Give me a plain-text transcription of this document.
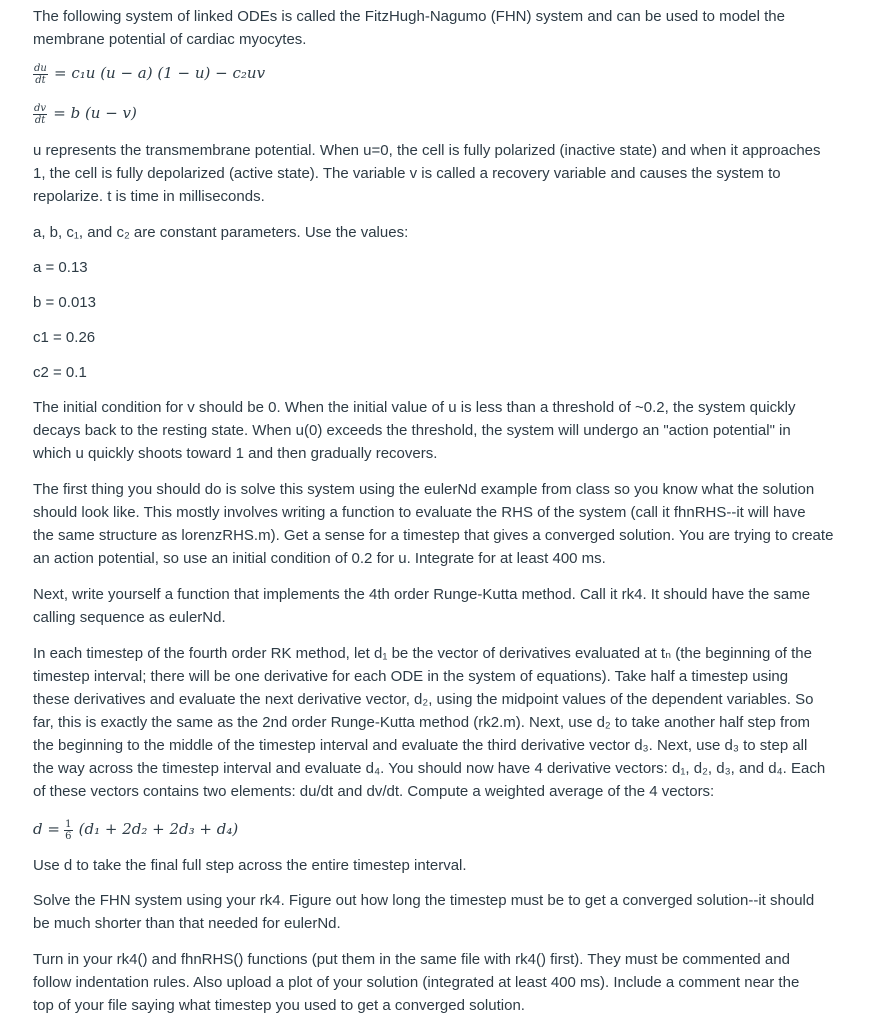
The following system of linked ODEs is called the FitzHugh-Nagumo (FHN) system and can be used to model the

membrane potential of cardiac myocytes.

$\frac{du}{dt} = c_1u$ (u − a) (1 − u) − c₂uv
$\frac{dv}{dt} = b$ (u − v)

u represents the transmembrane potential. When u=0, the cell is fully polarized (inactive state) and when it approaches

1, the cell is fully depolarized (active state). The variable v is called a recovery variable and causes the system to

repolarize. t is time in milliseconds.

a, b, c₁, and c₂ are constant parameters. Use the values:

a = 0.13

b = 0.013

c1 = 0.26

c2 = 0.1

The initial condition for v should be 0. When the initial value of u is less than a threshold of ~0.2, the system quickly

decays back to the resting state. When u(0) exceeds the threshold, the system will undergo an "action potential" in

which u quickly shoots toward 1 and then gradually recovers.

The first thing you should do is solve this system using the eulerNd example from class so you know what the solution

should look like. This mostly involves writing a function to evaluate the RHS of the system (call it fhnRHS--it will have

the same structure as lorenzRHS.m). Get a sense for a timestep that gives a converged solution. You are trying to create

an action potential, so use an initial condition of 0.2 for u. Integrate for at least 400 ms.

Next, write yourself a function that implements the 4th order Runge-Kutta method. Call it rk4. It should have the same

calling sequence as eulerNd.

In each timestep of the fourth order RK method, let d₁ be the vector of derivatives evaluated at tₙ (the beginning of the

timestep interval; there will be one derivative for each ODE in the system of equations). Take half a timestep using

these derivatives and evaluate the next derivative vector, d₂, using the midpoint values of the dependent variables. So

far, this is exactly the same as the 2nd order Runge-Kutta method (rk2.m). Next, use d₂ to take another half step from

the beginning to the middle of the timestep interval and evaluate the third derivative vector d₃. Next, use d₃ to step all

the way across the timestep interval and evaluate d₄. You should now have 4 derivative vectors: d₁, d₂, d₃, and d₄. Each

of these vectors contains two elements: du/dt and dv/dt. Compute a weighted average of the 4 vectors:

$d = \frac{1}{6} (d_1 + 2d_2 + 2d_3 + d_4)$

Use d to take the final full step across the entire timestep interval.

Solve the FHN system using your rk4. Figure out how long the timestep must be to get a converged solution--it should

be much shorter than that needed for eulerNd.

Turn in your rk4() and fhnRHS() functions (put them in the same file with rk4() first). They must be commented and

follow indentation rules. Also upload a plot of your solution (integrated at least 400 ms). Include a comment near the

top of your file saying what timestep you used to get a converged solution.
